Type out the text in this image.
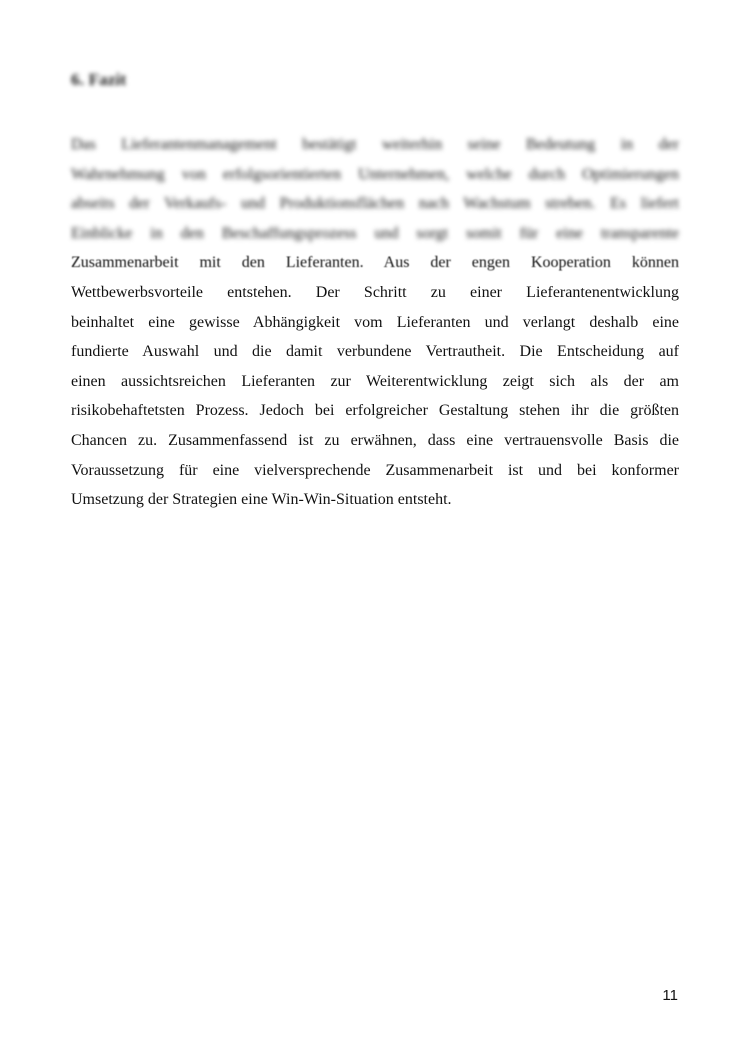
6. Fazit
Das Lieferantenmanagement bestätigt weiterhin seine Bedeutung in der
Wahrnehmung von erfolgsorientierten Unternehmen, welche durch Optimierungen
abseits der Verkaufs- und Produktionsflächen nach Wachstum streben. Es liefert
Einblicke in den Beschaffungsprozess und sorgt somit für eine transparente
Zusammenarbeit mit den Lieferanten. Aus der engen Kooperation können
Wettbewerbsvorteile entstehen. Der Schritt zu einer Lieferantenentwicklung
beinhaltet eine gewisse Abhängigkeit vom Lieferanten und verlangt deshalb eine
fundierte Auswahl und die damit verbundene Vertrautheit. Die Entscheidung auf
einen aussichtsreichen Lieferanten zur Weiterentwicklung zeigt sich als der am
risikobehaftetsten Prozess. Jedoch bei erfolgreicher Gestaltung stehen ihr die größten
Chancen zu. Zusammenfassend ist zu erwähnen, dass eine vertrauensvolle Basis die
Voraussetzung für eine vielversprechende Zusammenarbeit ist und bei konformer
Umsetzung der Strategien eine Win-Win-Situation entsteht.

11
